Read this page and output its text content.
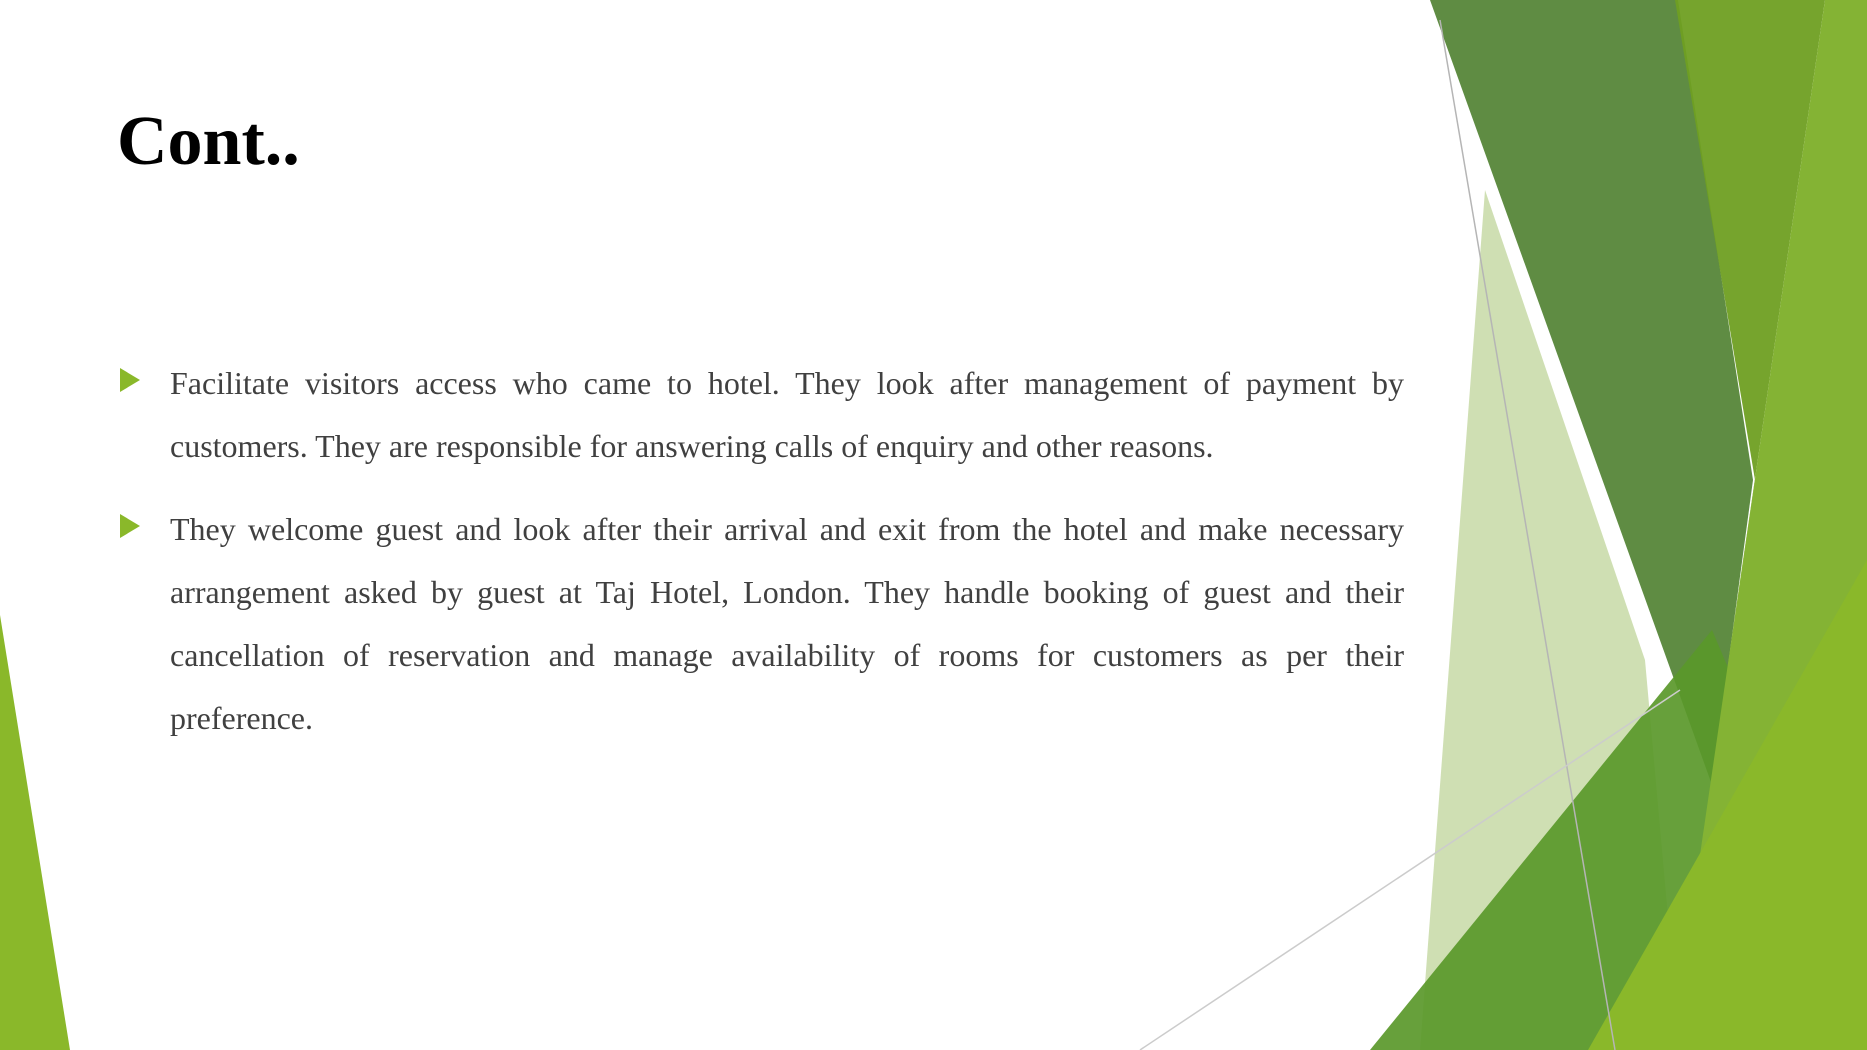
Cont..
Facilitate visitors access who came to hotel. They look after management of payment by customers. They are responsible for answering calls of enquiry and other reasons.
They welcome guest and look after their arrival and exit from the hotel and make necessary arrangement asked by guest at Taj Hotel, London. They handle booking of guest and their cancellation of reservation and manage availability of rooms for customers as per their preference.
